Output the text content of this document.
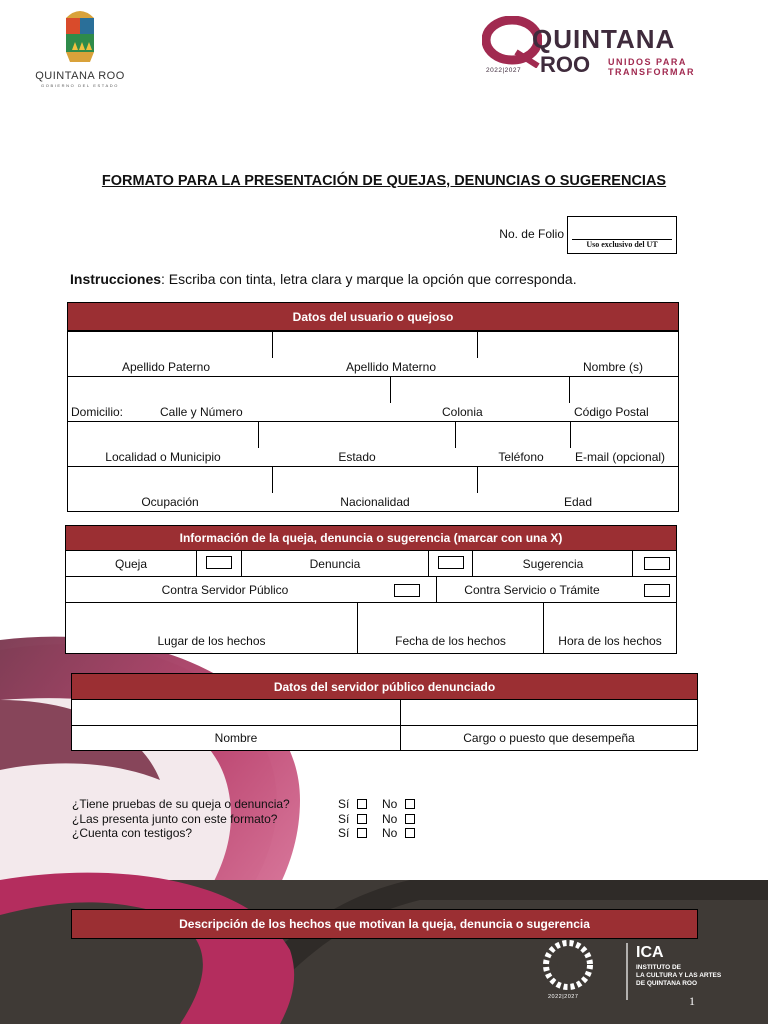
QUINTANA ROO
GOBIERNO DEL ESTADO
QUINTANA
ROO UNIDOS PARA
TRANSFORMAR
2022|2027
FORMATO PARA LA PRESENTACIÓN DE QUEJAS, DENUNCIAS O SUGERENCIAS
No. de Folio
Uso exclusivo del UT
Instrucciones: Escriba con tinta, letra clara y marque la opción que corresponda.
Datos del usuario o quejoso
Apellido Paterno	Apellido Materno	Nombre (s)
Domicilio:	Calle y Número	Colonia	Código Postal
Localidad o Municipio	Estado	Teléfono	E-mail (opcional)
Ocupación	Nacionalidad	Edad
Información de la queja, denuncia o sugerencia (marcar con una X)
Queja	Denuncia	Sugerencia
Contra Servidor Público	Contra Servicio o Trámite
Lugar de los hechos	Fecha de los hechos	Hora de los hechos
Datos del servidor público denunciado
Nombre	Cargo o puesto que desempeña
¿Tiene pruebas de su queja o denuncia?	Sí	No
¿Las presenta junto con este formato?	Sí	No
¿Cuenta con testigos?	Sí	No
Descripción de los hechos que motivan la queja, denuncia o sugerencia
ICA
INSTITUTO DE
LA CULTURA Y LAS ARTES
DE QUINTANA ROO
2022|2027	1
